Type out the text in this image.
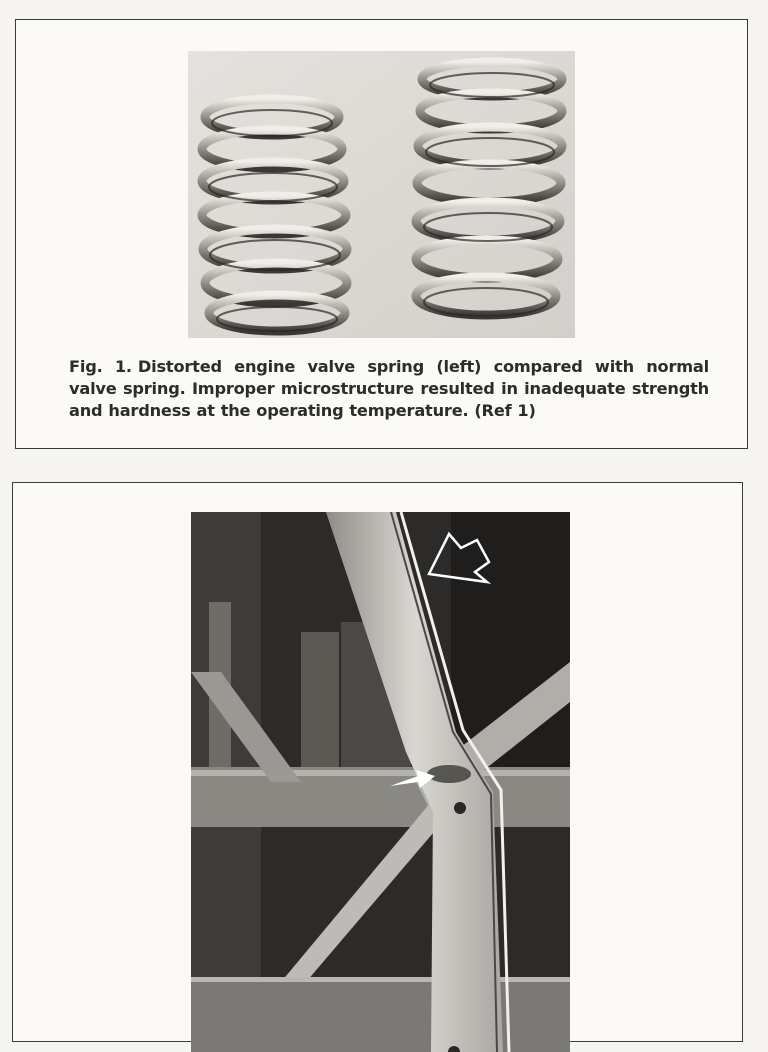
Fig. 1. Distorted engine valve spring (left) compared with normal valve spring. Improper microstructure resulted in inadequate strength and hardness at the operating temperature. (Ref 1)
